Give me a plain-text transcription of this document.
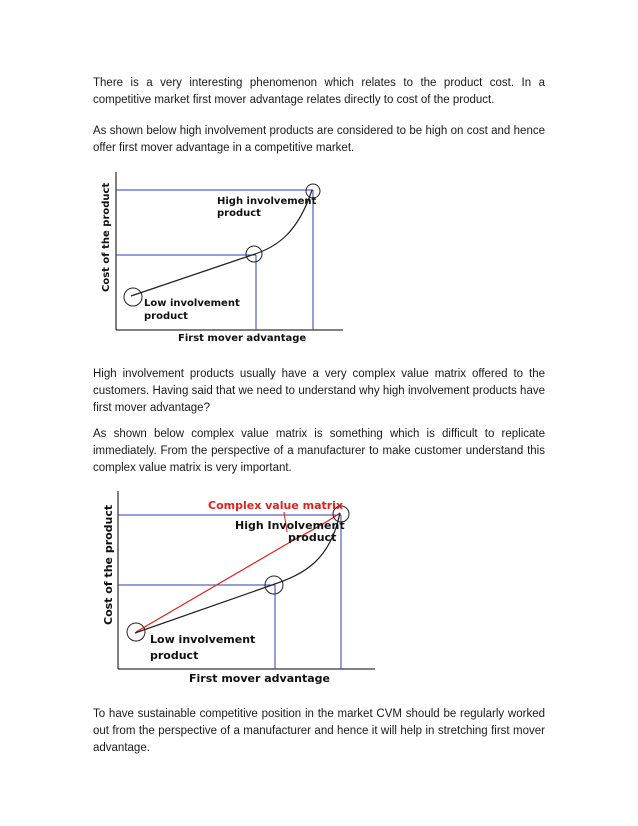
There is a very interesting phenomenon which relates to the product cost. In a competitive market first mover advantage relates directly to cost of the product.

As shown below high involvement products are considered to be high on cost and hence offer first mover advantage in a competitive market.

High involvement
product
Low involvement
product
First mover advantage
Cost of the product
Complex value matrix
High Involvement
product
Low involvement
product
First mover advantage
Cost of the product

High involvement products usually have a very complex value matrix offered to the customers. Having said that we need to understand why high involvement products have first mover advantage?

As shown below complex value matrix is something which is difficult to replicate immediately. From the perspective of a manufacturer to make customer understand this complex value matrix is very important.

To have sustainable competitive position in the market CVM should be regularly worked out from the perspective of a manufacturer and hence it will help in stretching first mover advantage.
